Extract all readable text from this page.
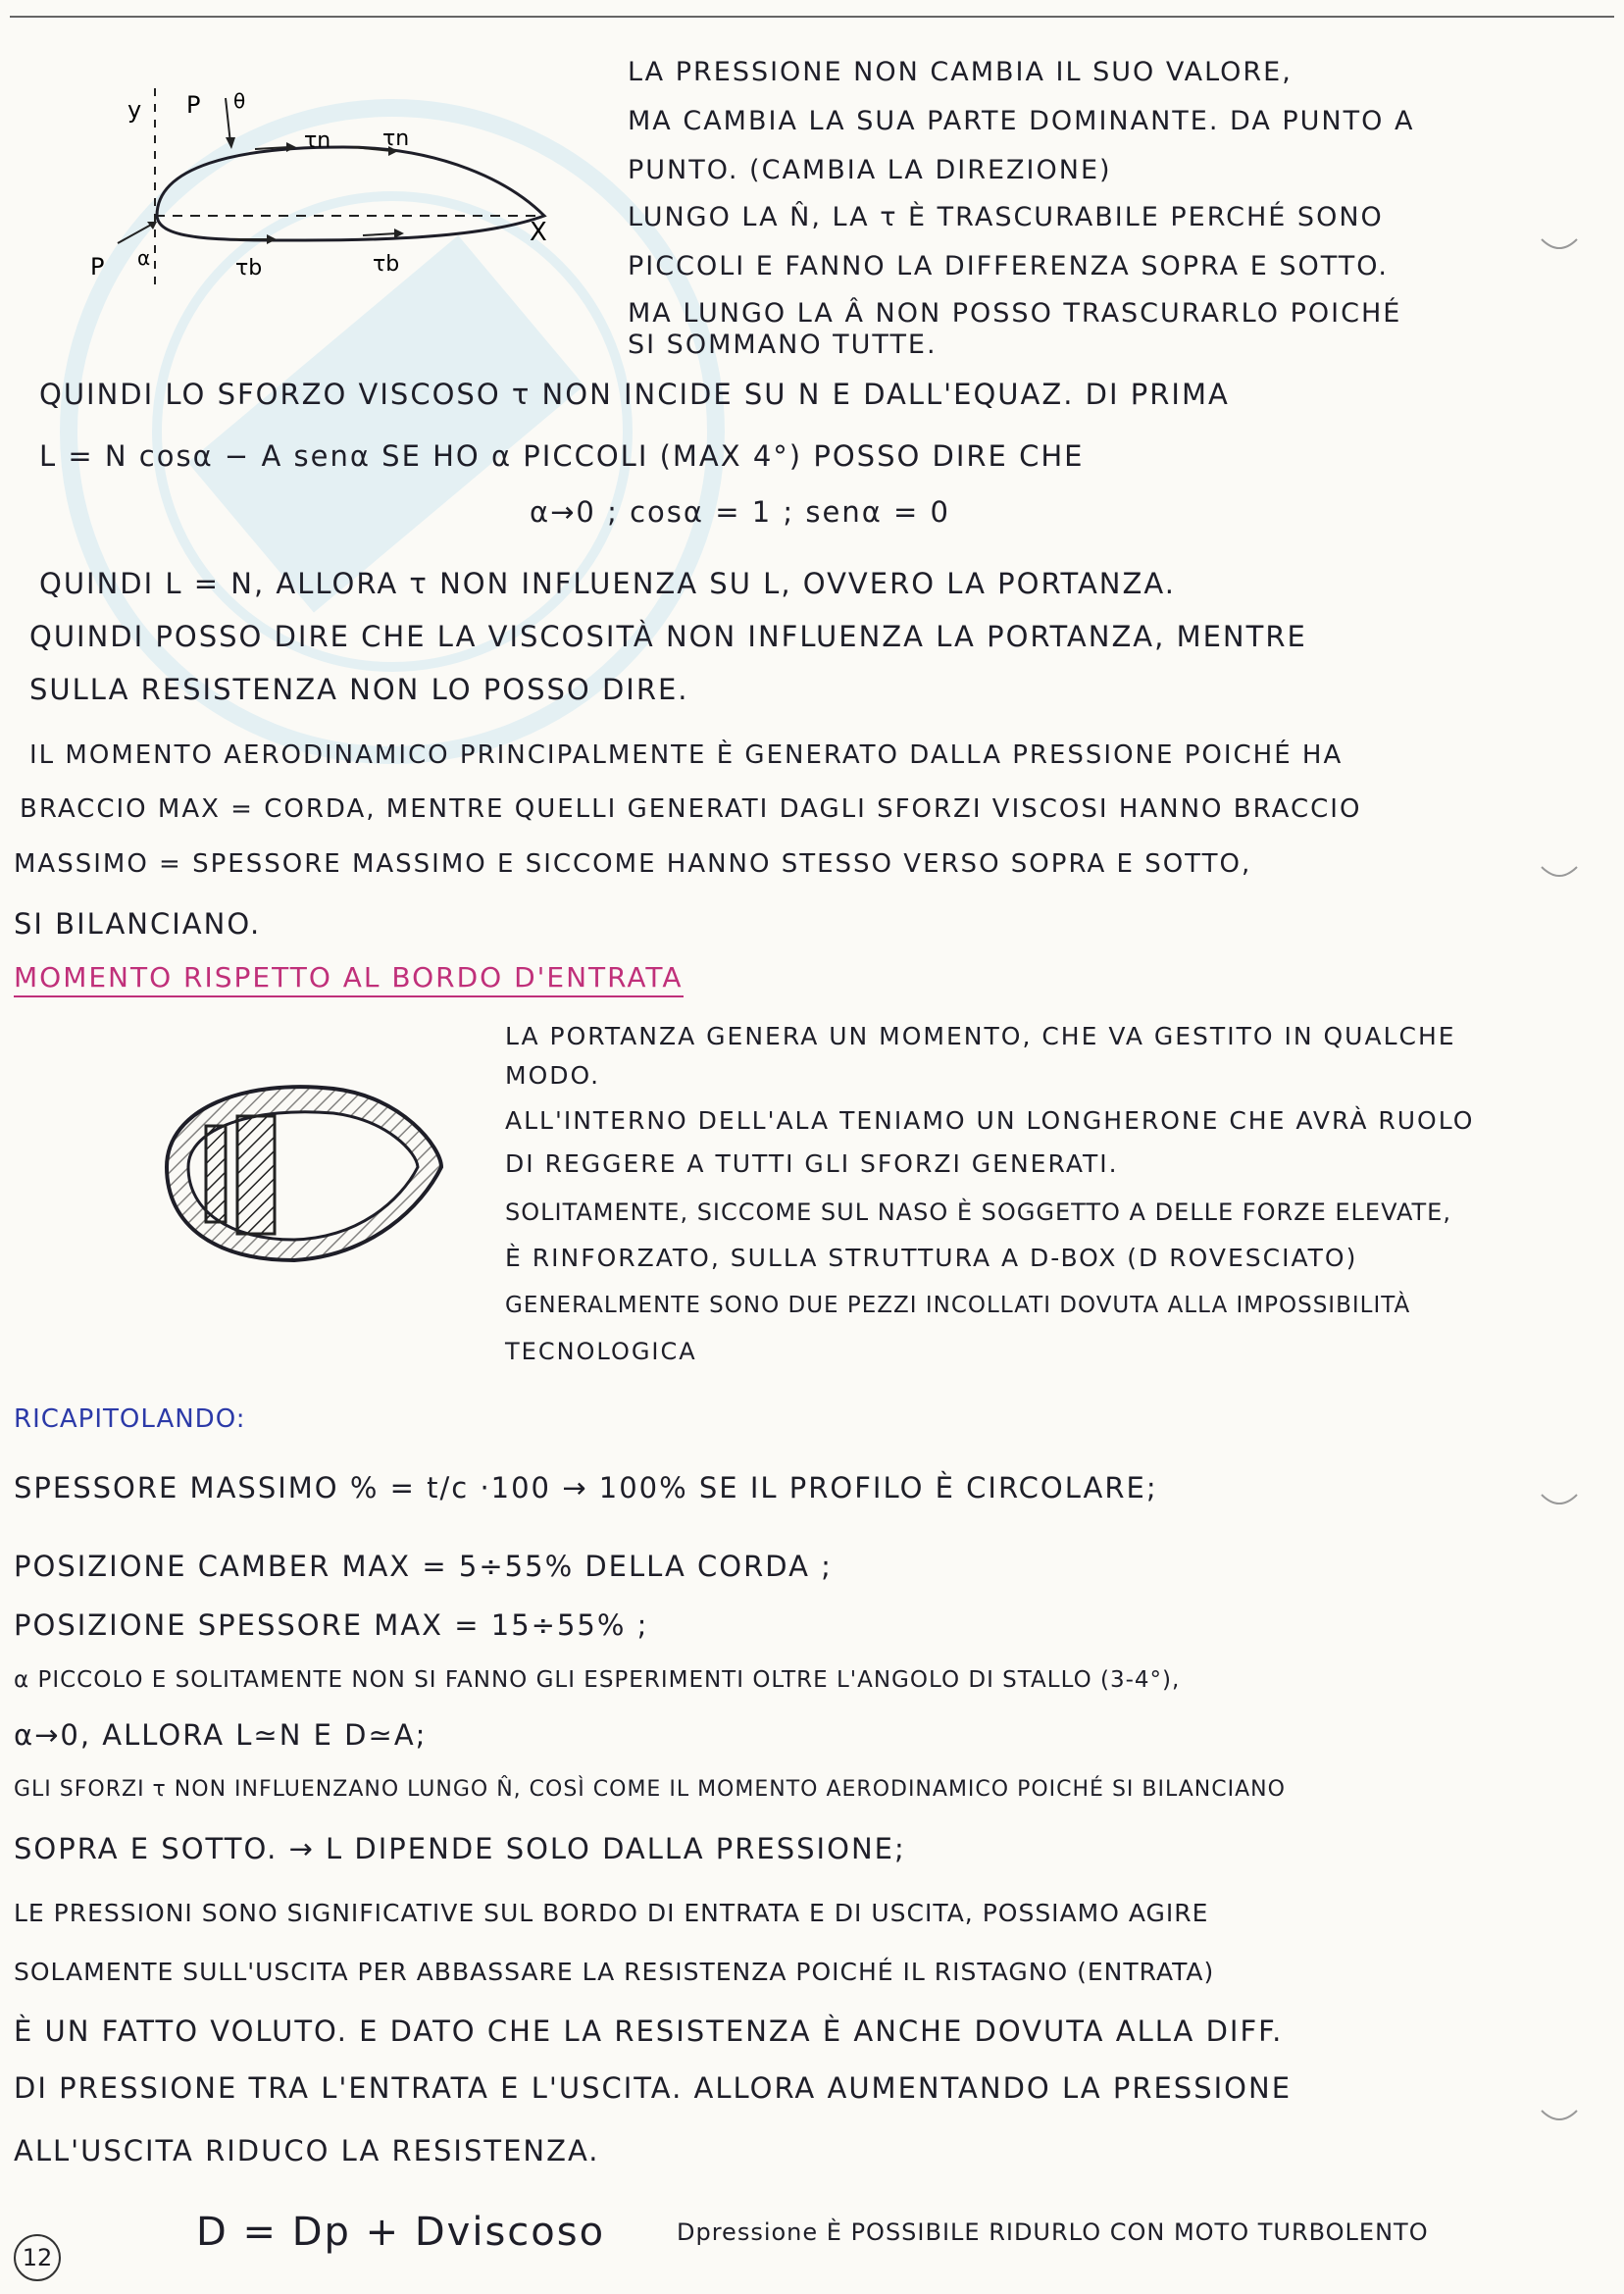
y P θ
τn τn
X
P α	τb	τb
LA PRESSIONE NON CAMBIA IL SUO VALORE,
MA CAMBIA LA SUA PARTE DOMINANTE. DA PUNTO A
PUNTO. (CAMBIA LA DIREZIONE)
LUNGO LA N̂, LA τ È TRASCURABILE PERCHÉ SONO
PICCOLI E FANNO LA DIFFERENZA SOPRA E SOTTO.
MA LUNGO LA Â NON POSSO TRASCURARLO POICHÉ
SI SOMMANO TUTTE.
QUINDI LO SFORZO VISCOSO τ NON INCIDE SU N E DALL'EQUAZ. DI PRIMA
L = N cosα − A senα SE HO α PICCOLI (MAX 4°) POSSO DIRE CHE
α→0 ; cosα = 1 ; senα = 0
QUINDI L = N, ALLORA τ NON INFLUENZA SU L, OVVERO LA PORTANZA.
QUINDI POSSO DIRE CHE LA VISCOSITÀ NON INFLUENZA LA PORTANZA, MENTRE
SULLA RESISTENZA NON LO POSSO DIRE.
IL MOMENTO AERODINAMICO PRINCIPALMENTE È GENERATO DALLA PRESSIONE POICHÉ HA
BRACCIO MAX = CORDA, MENTRE QUELLI GENERATI DAGLI SFORZI VISCOSI HANNO BRACCIO
MASSIMO = SPESSORE MASSIMO E SICCOME HANNO STESSO VERSO SOPRA E SOTTO,
SI BILANCIANO.
MOMENTO RISPETTO AL BORDO D'ENTRATA
LA PORTANZA GENERA UN MOMENTO, CHE VA GESTITO IN QUALCHE
MODO.
ALL'INTERNO DELL'ALA TENIAMO UN LONGHERONE CHE AVRÀ RUOLO
DI REGGERE A TUTTI GLI SFORZI GENERATI.
SOLITAMENTE, SICCOME SUL NASO È SOGGETTO A DELLE FORZE ELEVATE,
È RINFORZATO, SULLA STRUTTURA A D-BOX (D ROVESCIATO)
GENERALMENTE SONO DUE PEZZI INCOLLATI DOVUTA ALLA IMPOSSIBILITÀ
TECNOLOGICA
RICAPITOLANDO:
SPESSORE MASSIMO % = t/c ·100 → 100% SE IL PROFILO È CIRCOLARE;
POSIZIONE CAMBER MAX = 5÷55% DELLA CORDA ;
POSIZIONE SPESSORE MAX = 15÷55% ;
α PICCOLO E SOLITAMENTE NON SI FANNO GLI ESPERIMENTI OLTRE L'ANGOLO DI STALLO (3-4°),
α→0, ALLORA L≃N E D≃A;
GLI SFORZI τ NON INFLUENZANO LUNGO N̂, COSÌ COME IL MOMENTO AERODINAMICO POICHÉ SI BILANCIANO
SOPRA E SOTTO. → L DIPENDE SOLO DALLA PRESSIONE;
LE PRESSIONI SONO SIGNIFICATIVE SUL BORDO DI ENTRATA E DI USCITA, POSSIAMO AGIRE
SOLAMENTE SULL'USCITA PER ABBASSARE LA RESISTENZA POICHÉ IL RISTAGNO (ENTRATA)
È UN FATTO VOLUTO. E DATO CHE LA RESISTENZA È ANCHE DOVUTA ALLA DIFF.
DI PRESSIONE TRA L'ENTRATA E L'USCITA. ALLORA AUMENTANDO LA PRESSIONE
ALL'USCITA RIDUCO LA RESISTENZA.
D = Dp + Dviscoso	Dpressione È POSSIBILE RIDURLO CON MOTO TURBOLENTO
12
